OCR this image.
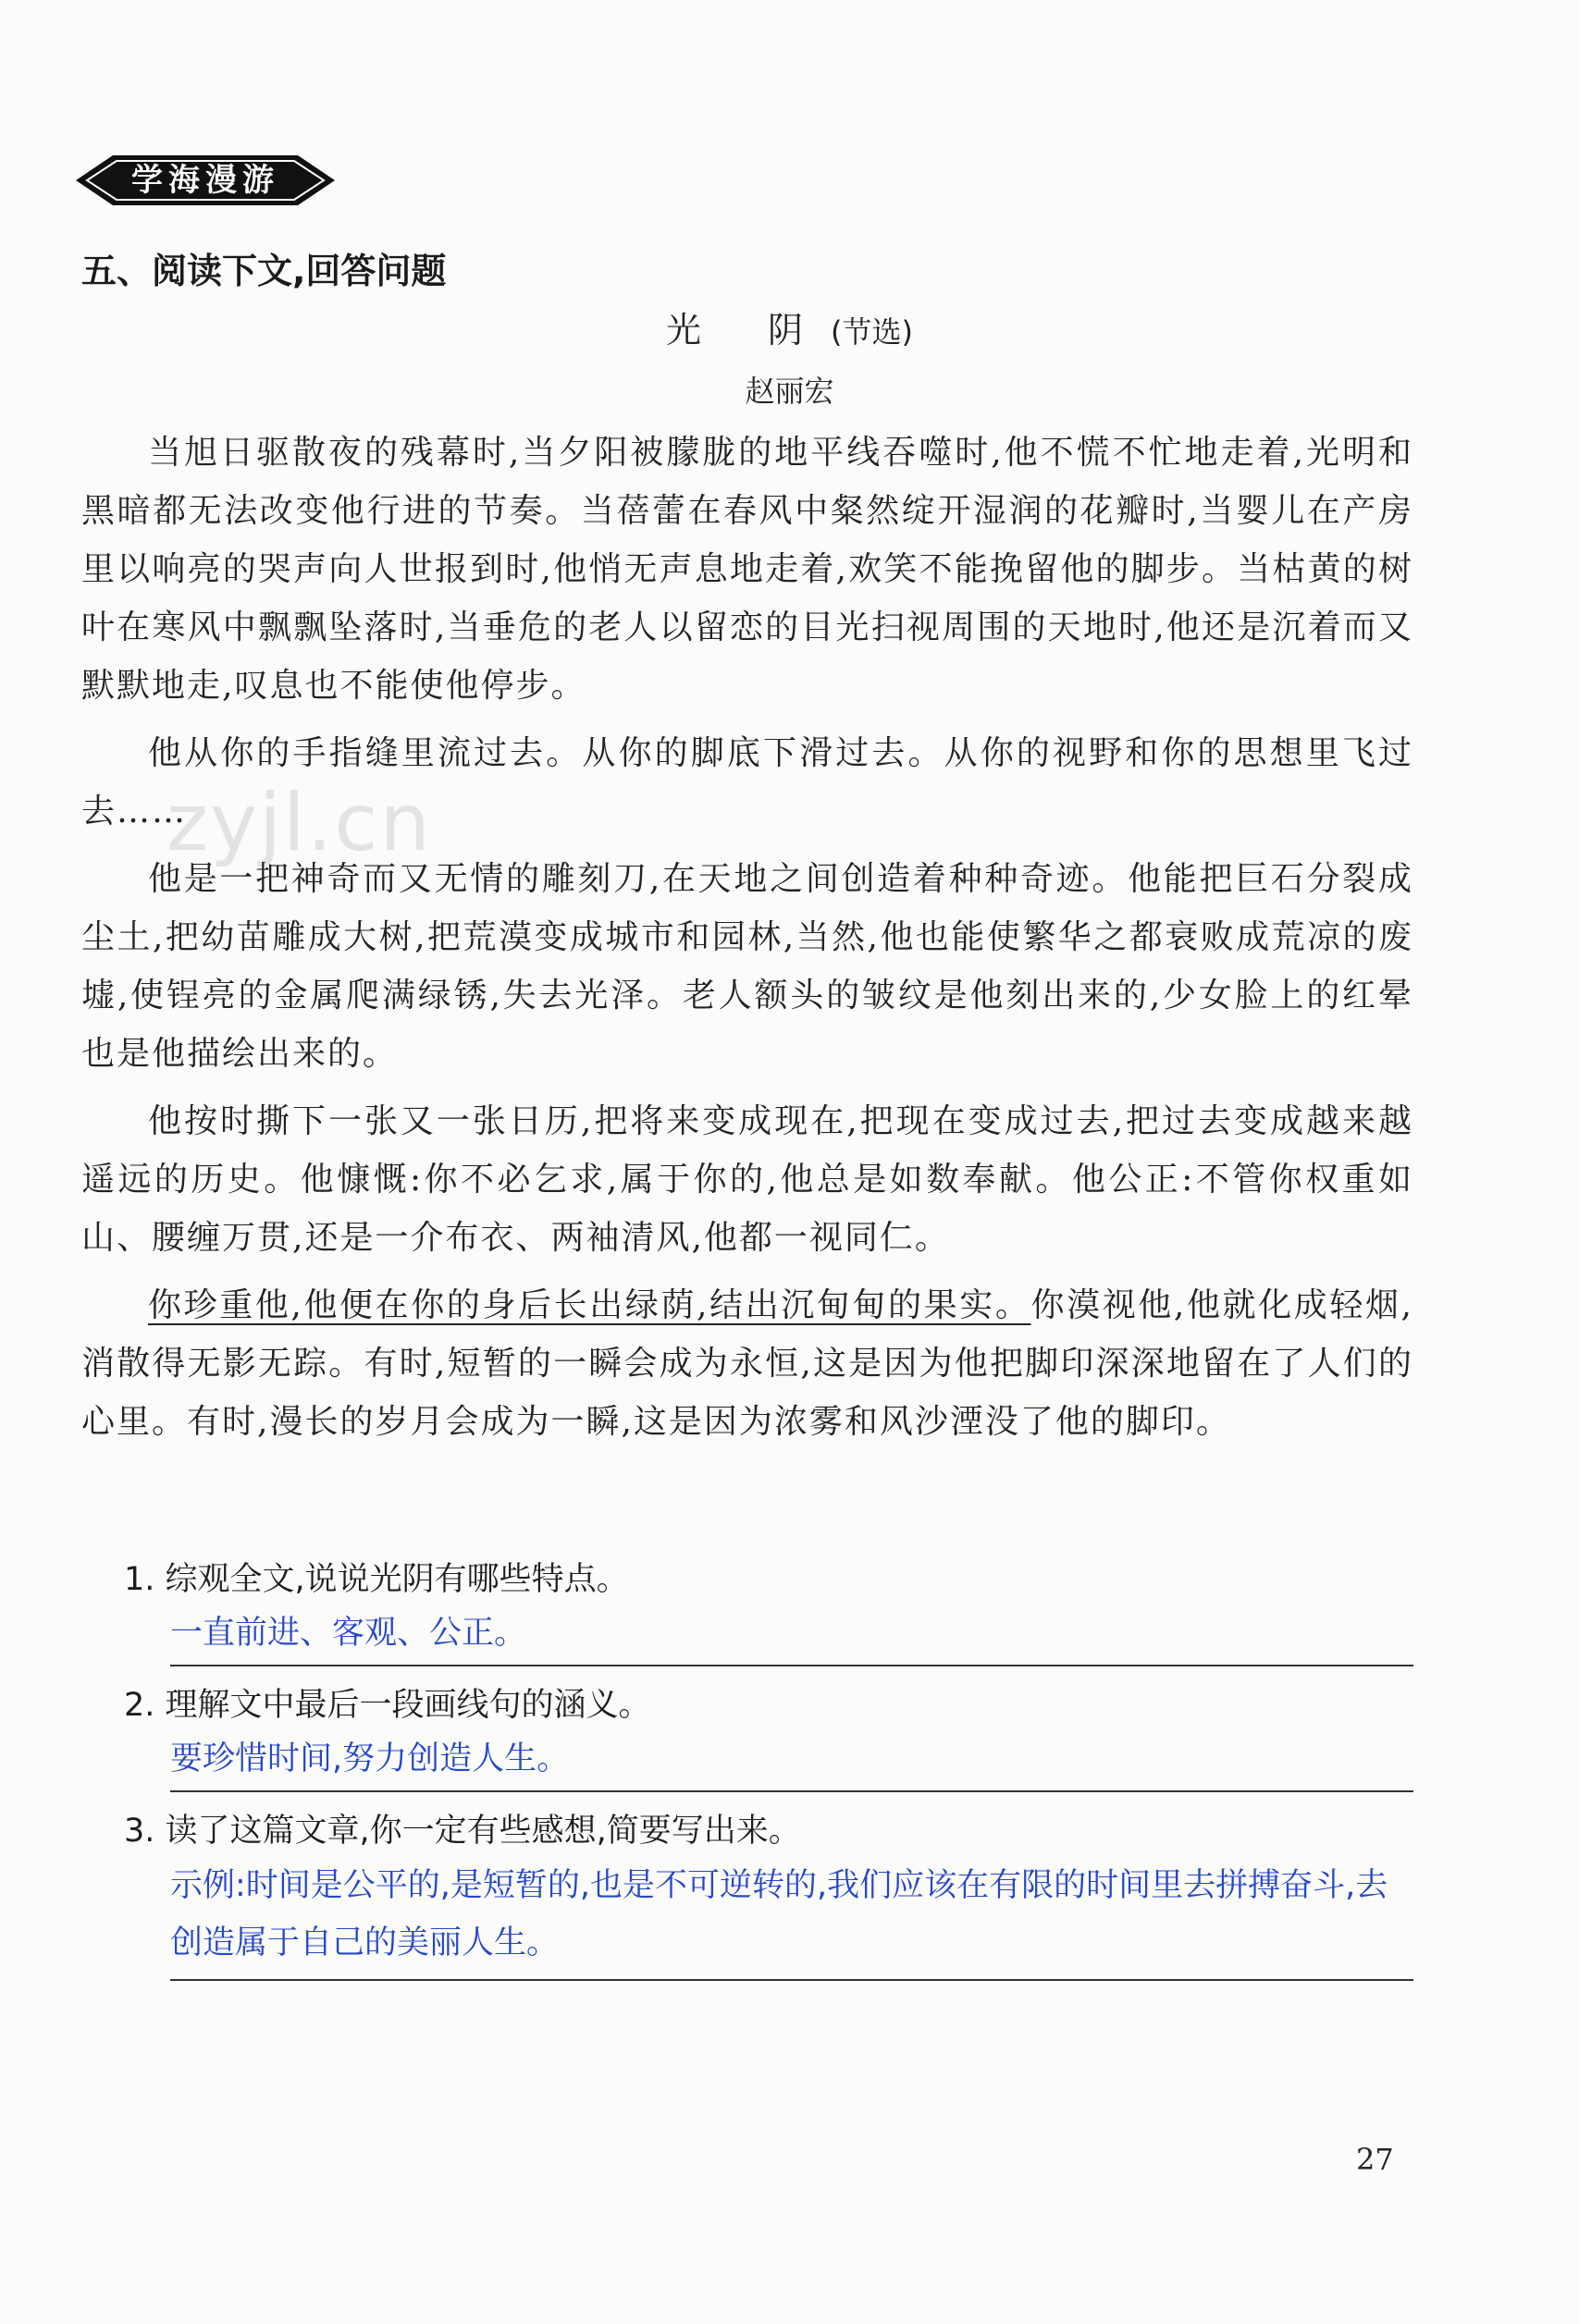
学海漫游
五、阅读下文,回答问题
光 阴(节选)
赵丽宏
zyjl.cn

当旭日驱散夜的残幕时,当夕阳被朦胧的地平线吞噬时,他不慌不忙地走着,光明和黑暗都无法改变他行进的节奏。当蓓蕾在春风中粲然绽开湿润的花瓣时,当婴儿在产房里以响亮的哭声向人世报到时,他悄无声息地走着,欢笑不能挽留他的脚步。当枯黄的树叶在寒风中飘飘坠落时,当垂危的老人以留恋的目光扫视周围的天地时,他还是沉着而又默默地走,叹息也不能使他停步。

他从你的手指缝里流过去。从你的脚底下滑过去。从你的视野和你的思想里飞过去……

他是一把神奇而又无情的雕刻刀,在天地之间创造着种种奇迹。他能把巨石分裂成尘土,把幼苗雕成大树,把荒漠变成城市和园林,当然,他也能使繁华之都衰败成荒凉的废墟,使锃亮的金属爬满绿锈,失去光泽。老人额头的皱纹是他刻出来的,少女脸上的红晕也是他描绘出来的。

他按时撕下一张又一张日历,把将来变成现在,把现在变成过去,把过去变成越来越遥远的历史。他慷慨:你不必乞求,属于你的,他总是如数奉献。他公正:不管你权重如山、腰缠万贯,还是一介布衣、两袖清风,他都一视同仁。

你珍重他,他便在你的身后长出绿荫,结出沉甸甸的果实。你漠视他,他就化成轻烟,消散得无影无踪。有时,短暂的一瞬会成为永恒,这是因为他把脚印深深地留在了人们的心里。有时,漫长的岁月会成为一瞬,这是因为浓雾和风沙湮没了他的脚印。

1. 综观全文,说说光阴有哪些特点。
一直前进、客观、公正。
2. 理解文中最后一段画线句的涵义。
要珍惜时间,努力创造人生。
3. 读了这篇文章,你一定有些感想,简要写出来。
示例:时间是公平的,是短暂的,也是不可逆转的,我们应该在有限的时间里去拼搏奋斗,去创造属于自己的美丽人生。
27
